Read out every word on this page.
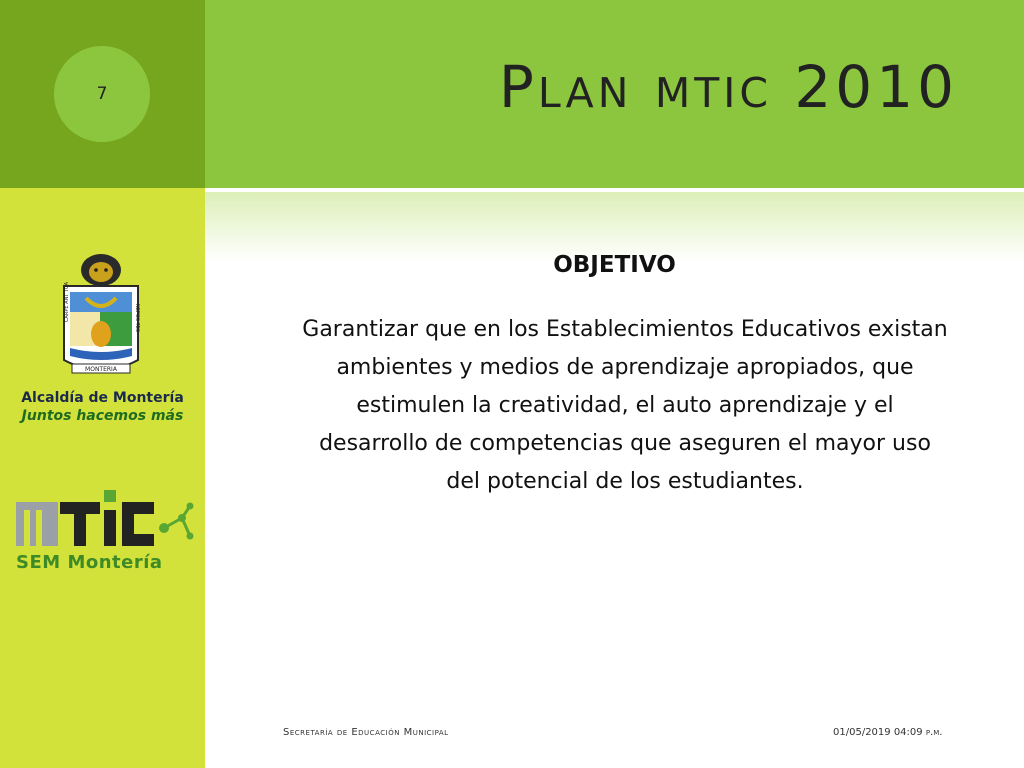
7	Plan mtic 2010
OBJETIVO
Garantizar que en los Establecimientos Educativos existan ambientes y medios de aprendizaje apropiados, que estimulen la creatividad, el auto aprendizaje y el desarrollo de competencias que aseguren el mayor uso del potencial de los estudiantes.
MONTERIA
CARPE ANT TUA	NEPOS TES
Alcaldía de Montería
Juntos hacemos más
SEM Montería
Secretaría de Educación Municipal	01/05/2019 04:09 p.m.
